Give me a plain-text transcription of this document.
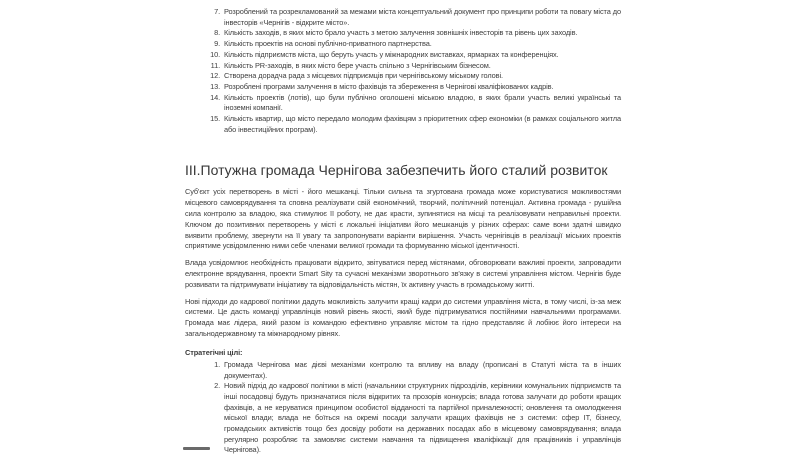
7. Розроблений та розрекламований за межами міста концептуальний документ про принципи роботи та повагу міста до інвесторів «Чернігів - відкрите місто».
8. Кількість заходів, в яких місто брало участь з метою залучення зовнішніх інвесторів та рівень цих заходів.
9. Кількість проектів на основі публічно-приватного партнерства.
10. Кількість підприємств міста, що беруть участь у міжнародних виставках, ярмарках та конференціях.
11. Кількість PR-заходів, в яких місто бере участь спільно з Чернігівським бізнесом.
12. Створена дорадча рада з місцевих підприємців при чернігівському міському голові.
13. Розроблені програми залучення в місто фахівців та збереження в Чернігові кваліфікованих кадрів.
14. Кількість проектів (лотів), що були публічно оголошені міською владою, в яких брали участь великі українські та іноземні компанії.
15. Кількість квартир, що місто передало молодим фахівцям з пріоритетних сфер економіки (в рамках соціального житла або інвестиційних програм).
III.Потужна громада Чернігова забезпечить його сталий розвиток

Суб'єкт усіх перетворень в місті - його мешканці. Тільки сильна та згуртована громада може користуватися можливостями місцевого самоврядування та сповна реалізувати свій економічний, творчий, політичний потенціал. Активна громада - рушійна сила контролю за владою, яка стимулює її роботу, не дає красти, зупинятися на місці та реалізовувати неправильні проекти. Ключом до позитивних перетворень у місті є локальні ініціативи його мешканців у різних сферах: саме вони здатні швидко виявити проблему, звернути на її увагу та запропонувати варіанти вирішення. Участь чернігівців в реалізації міських проектів сприятиме усвідомленню ними себе членами великої громади та формуванню міської ідентичності.

Влада усвідомлює необхідність працювати відкрито, звітуватися перед містянами, обговорювати важливі проекти, запровадити електронне врядування, проекти Smart Sity та сучасні механізми зворотнього зв'язку в системі управління містом. Чернігів буде розвивати та підтримувати ініціативу та відповідальність містян, їх активну участь в громадському житті.

Нові підходи до кадрової політики дадуть можливість залучити кращі кадри до системи управління міста, в тому числі, із-за меж системи. Це дасть команді управлінців новий рівень якості, який буде підтримуватися постійними навчальними програмами. Громада має лідера, який разом із командою ефективно управляє містом та гідно представляє й лобіює його інтереси на загальнодержавному та міжнародному рівнях.

Стратегічні цілі:

1. Громада Чернігова має дієві механізми контролю та впливу на владу (прописані в Статуті міста та в інших документах).
2. Новий підхід до кадрової політики в місті (начальники структурних підрозділів, керівники комунальних підприємств та інші посадовці будуть призначатися після відкритих та прозорів конкурсів; влада готова залучати до роботи кращих фахівців, а не керуватися принципом особистої відданості та партійної приналежності; оновлення та омолодження міської влади; влада не боїться на окремі посади залучати кращих фахівців не з системи: сфер ІТ, бізнесу, громадських активістів тощо без досвіду роботи на державних посадах або в місцевому самоврядування; влада регулярно розробляє та замовляє системи навчання та підвищення кваліфікації для працівників і управлінців Чернігова).
